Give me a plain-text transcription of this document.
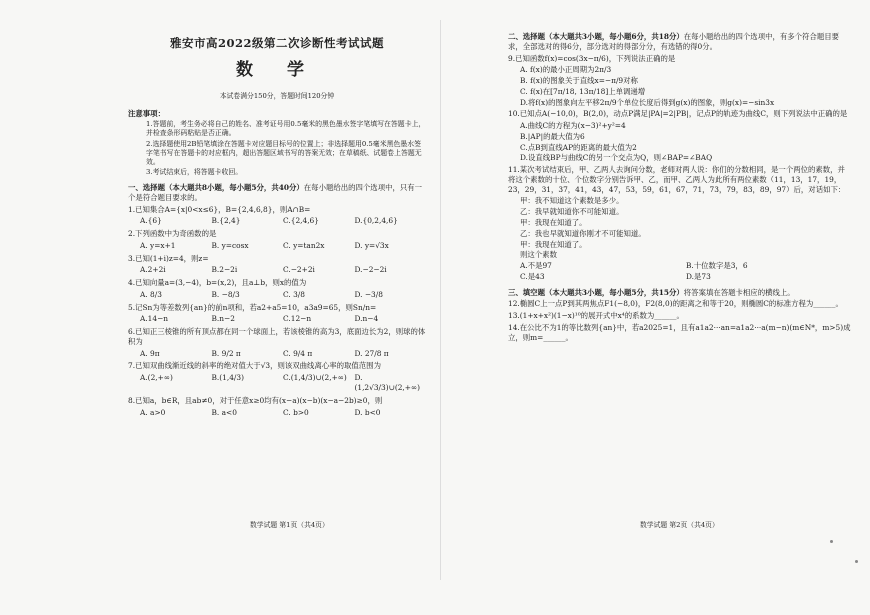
雅安市高2022级第二次诊断性考试试题
数 学
本试卷满分150分，答题时间120分钟
注意事项：
1.答题前，考生务必将自己的姓名、准考证号用0.5毫米的黑色墨水签字笔填写在答题卡上，并检查条形码粘贴是否正确。
2.选择题使用2B铅笔填涂在答题卡对应题目标号的位置上；非选择题用0.5毫米黑色墨水签字笔书写在答题卡的对应框内，超出答题区域书写的答案无效；在草稿纸、试题卷上答题无效。
3.考试结束后，将答题卡收回。
一、选择题（本大题共8小题，每小题5分，共40分）在每小题给出的四个选项中，只有一个是符合题目要求的。
1.已知集合A={x|0<x≤6}，B={2,4,6,8}，则A∩B=
A.{6}	B.{2,4}	C.{2,4,6}	D.{0,2,4,6}
2.下列函数中为奇函数的是
A. y=x+1	B. y=cosx	C. y=tan2x	D. y=√3x
3.已知(1+i)z=4，则z=
A.2+2i	B.2−2i	C.−2+2i	D.−2−2i
4.已知向量a=(3,−4)，b=(x,2)，且a⊥b，则x的值为
A. 8/3	B. −8/3	C. 3/8	D. −3/8
5.记Sn为等差数列{an}的前n项和，若a2+a5=10，a3a9=65，则Sn/n=
A.14−n	B.n−2	C.12−n	D.n−4
6.已知正三棱锥的所有顶点都在同一个球面上，若该棱锥的高为3，底面边长为2，则球的体积为
A. 9π	B. 9/2 π	C. 9/4 π	D. 27/8 π
7.已知双曲线渐近线的斜率的绝对值大于√3，则该双曲线离心率的取值范围为
A.(2,+∞)	B.(1,4/3)	C.(1,4/3)∪(2,+∞)	D.(1,2√3/3)∪(2,+∞)
8.已知a，b∈R，且ab≠0，对于任意x≥0均有(x−a)(x−b)(x−a−2b)≥0，则
A. a>0	B. a<0	C. b>0	D. b<0
数学试题 第1页（共4页）
二、选择题（本大题共3小题，每小题6分，共18分）在每小题给出的四个选项中，有多个符合题目要求，全部选对的得6分，部分选对的得部分分，有选错的得0分。
9.已知函数f(x)=cos(3x−π/6)，下列说法正确的是
A. f(x)的最小正周期为2π/3
B. f(x)的图象关于直线x=−π/9对称
C. f(x)在[7π/18, 13π/18]上单调递增
D.将f(x)的图象向左平移2π/9个单位长度后得到g(x)的图象，则g(x)=−sin3x
10.已知点A(−10,0)，B(2,0)，动点P满足|PA|=2|PB|，记点P的轨迹为曲线C，则下列说法中正确的是
A.曲线C的方程为(x−3)²+y²=4
B.|AP|的最大值为6
C.点B到直线AP的距离的最大值为2
D.设直线BP与曲线C的另一个交点为Q，则∠BAP=∠BAQ
11.某次考试结束后，甲、乙两人去询问分数，老师对两人说：你们的分数相同，是一个两位的素数，并将这个素数的十位、个位数字分别告诉甲、乙，而甲、乙两人为此所有两位素数（11，13，17，19，23，29，31，37，41，43，47，53，59，61，67，71，73，79，83，89，97）后，对话如下：
甲：我不知道这个素数是多少。
乙：我早就知道你不可能知道。
甲：我现在知道了。
乙：我也早就知道你刚才不可能知道。
甲：我现在知道了。
则这个素数
A.不是97	B.十位数字是3，6
C.是43	D.是73
三、填空题（本大题共3小题，每小题5分，共15分）将答案填在答题卡相应的横线上。
12.椭圆C上一点P到其两焦点F1(−8,0)，F2(8,0)的距离之和等于20，则椭圆C的标准方程为______。
13.(1+x+x²)(1−x)¹⁰的展开式中x⁴的系数为______。
14.在公比不为1的等比数列{an}中，若a2025=1，且有a1a2···an=a1a2···a(m−n)(m∈N*，m>5)成立，则m=______。
数学试题 第2页（共4页）
